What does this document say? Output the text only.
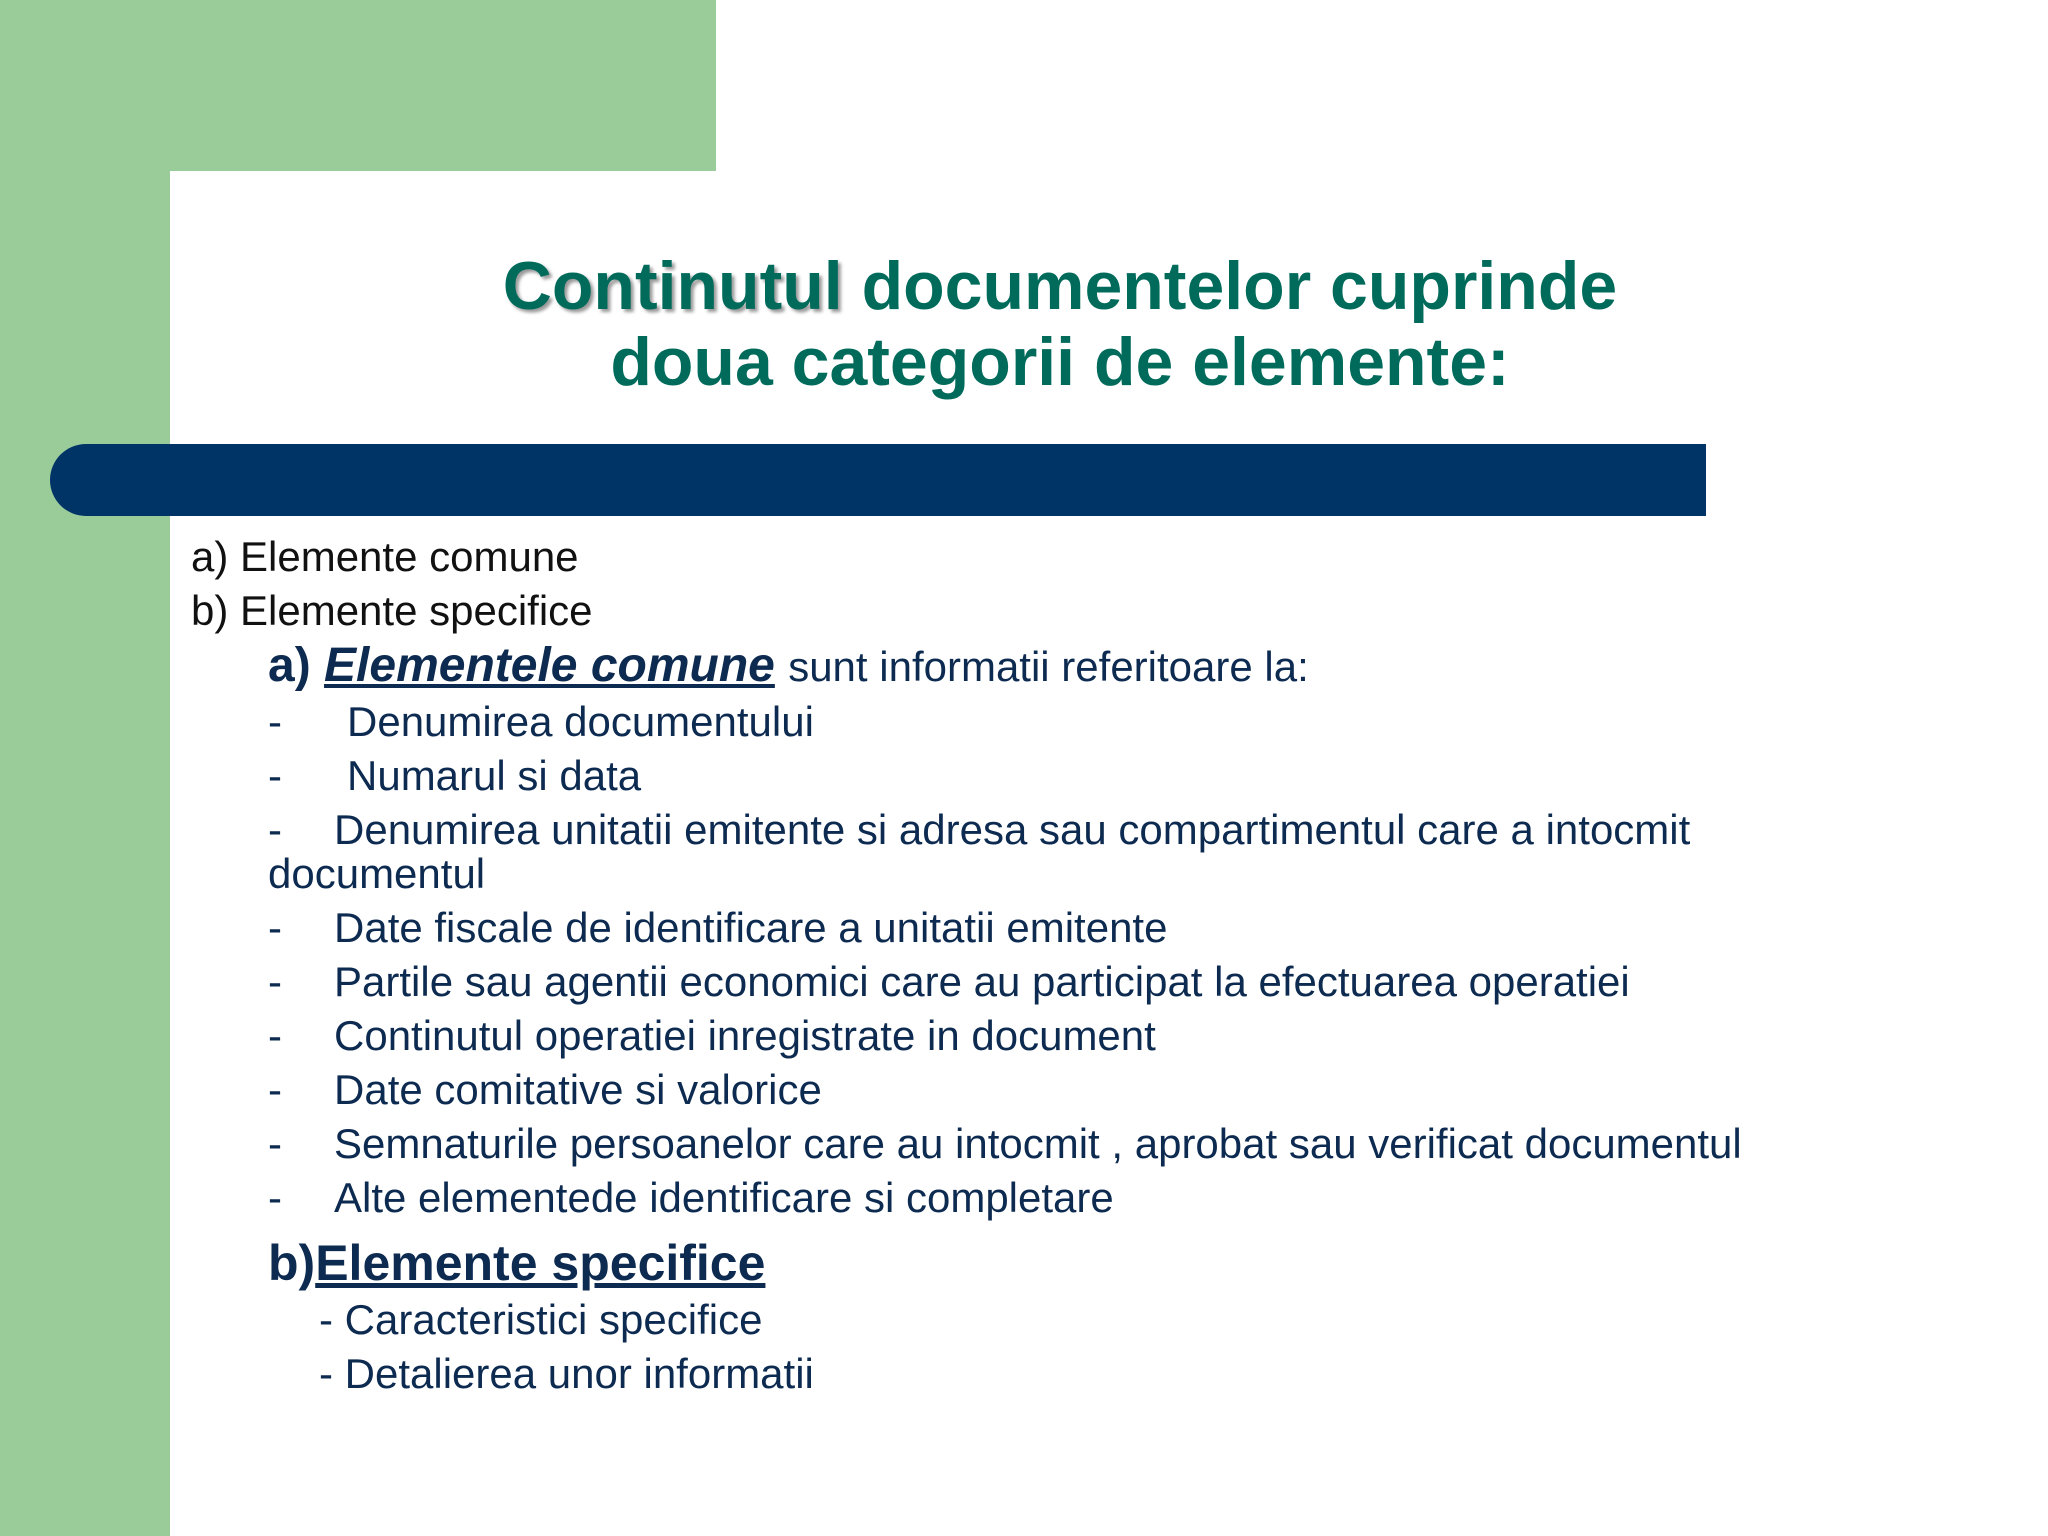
Continutul documentelor cuprinde
doua categorii de elemente:
a) Elemente comune
b) Elemente specifice
a) Elementele comune sunt informatii referitoare la:
-	Denumirea documentului
-	Numarul si data
- Denumirea unitatii emitente si adresa sau compartimentul care a intocmit documentul
-	Date fiscale de identificare a unitatii emitente
-	Partile sau agentii economici care au participat la efectuarea operatiei
-	Continutul operatiei inregistrate in document
-	Date comitative si valorice
-	Semnaturile persoanelor care au intocmit , aprobat sau verificat documentul
-	Alte elementede identificare si completare
b)Elemente specifice
- Caracteristici specifice
- Detalierea unor informatii
